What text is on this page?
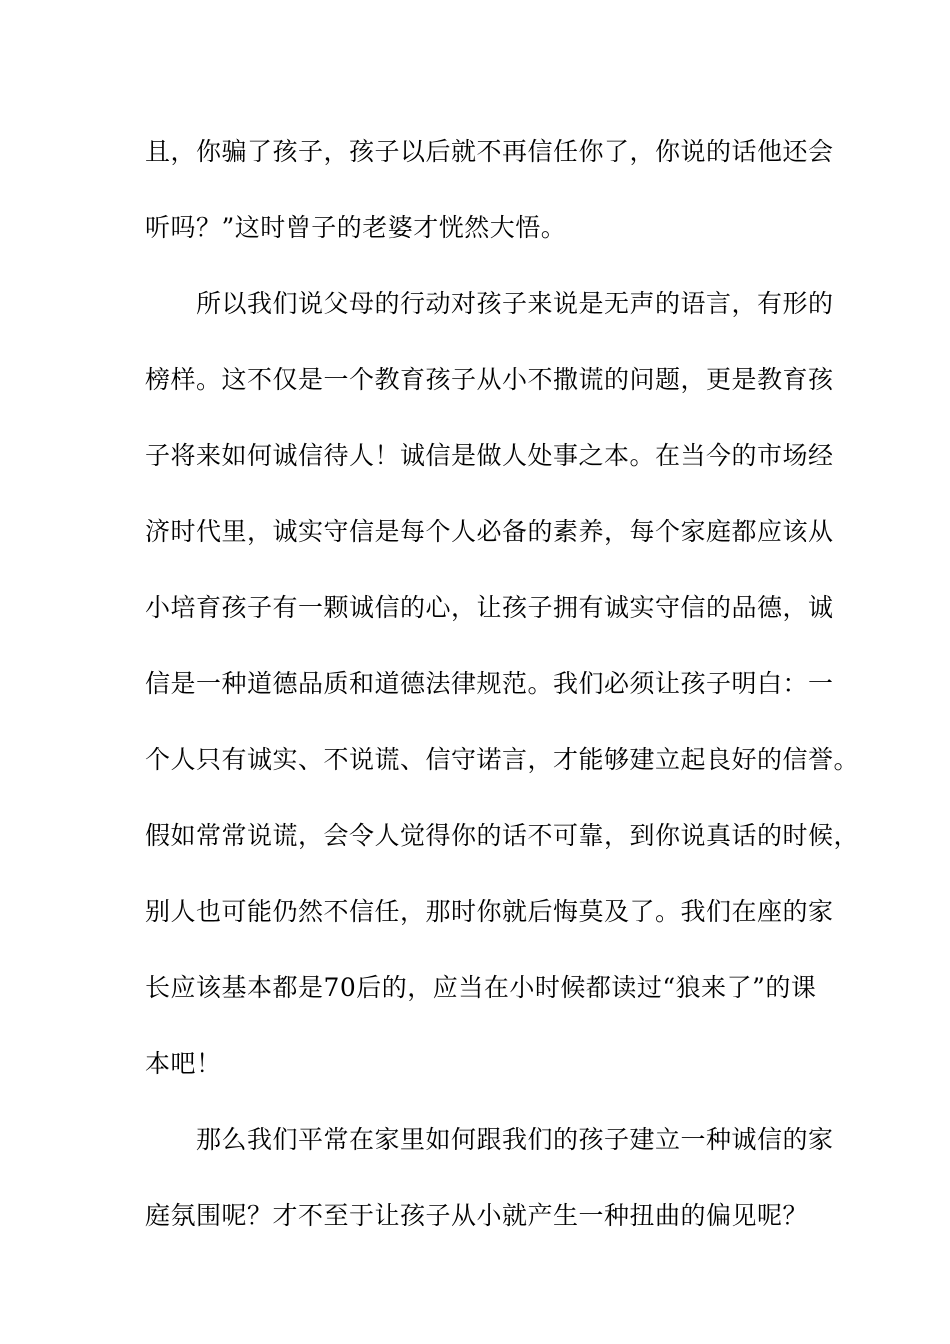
且，你骗了孩子，孩子以后就不再信任你了，你说的话他还会
听吗？”这时曾子的老婆才恍然大悟。
　　所以我们说父母的行动对孩子来说是无声的语言，有形的
榜样。这不仅是一个教育孩子从小不撒谎的问题，更是教育孩
子将来如何诚信待人！诚信是做人处事之本。在当今的市场经
济时代里，诚实守信是每个人必备的素养，每个家庭都应该从
小培育孩子有一颗诚信的心，让孩子拥有诚实守信的品德，诚
信是一种道德品质和道德法律规范。我们必须让孩子明白：一
个人只有诚实、不说谎、信守诺言，才能够建立起良好的信誉。
假如常常说谎，会令人觉得你的话不可靠，到你说真话的时候，
别人也可能仍然不信任，那时你就后悔莫及了。我们在座的家
长应该基本都是70后的，应当在小时候都读过“狼来了”的课
本吧！
　　那么我们平常在家里如何跟我们的孩子建立一种诚信的家
庭氛围呢？才不至于让孩子从小就产生一种扭曲的偏见呢？
